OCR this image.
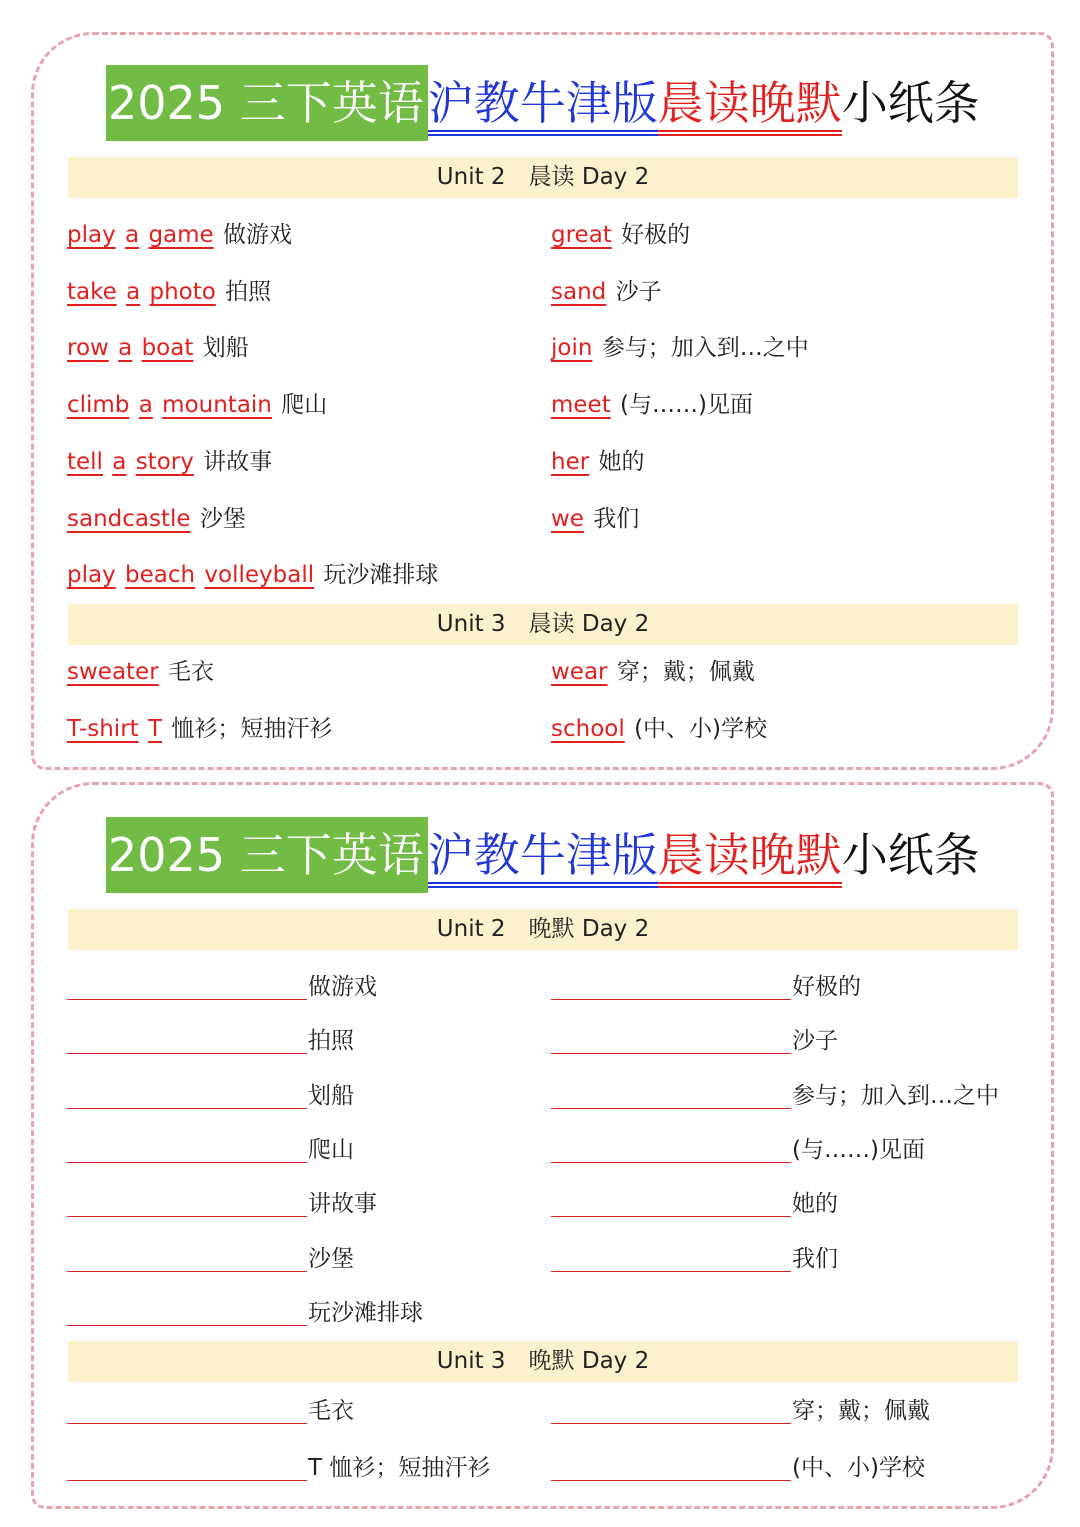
2025 三下英语 沪教牛津版 晨读晚默 小纸条
Unit 2　晨读 Day 2
play a game 做游戏
take a photo 拍照
row a boat 划船
climb a mountain 爬山
tell a story 讲故事
sandcastle 沙堡
play beach volleyball 玩沙滩排球
great 好极的
sand 沙子
join 参与；加入到…之中
meet (与……)见面
her 她的
we 我们
Unit 3　晨读 Day 2
sweater 毛衣
T-shirt T 恤衫；短抽汗衫
wear 穿；戴；佩戴
school (中、小)学校
2025 三下英语 沪教牛津版 晨读晚默 小纸条
Unit 2　晚默 Day 2
做游戏
拍照
划船
爬山
讲故事
沙堡
玩沙滩排球
好极的
沙子
参与；加入到…之中
(与……)见面
她的
我们
Unit 3　晚默 Day 2
毛衣
T 恤衫；短抽汗衫
穿；戴；佩戴
(中、小)学校
